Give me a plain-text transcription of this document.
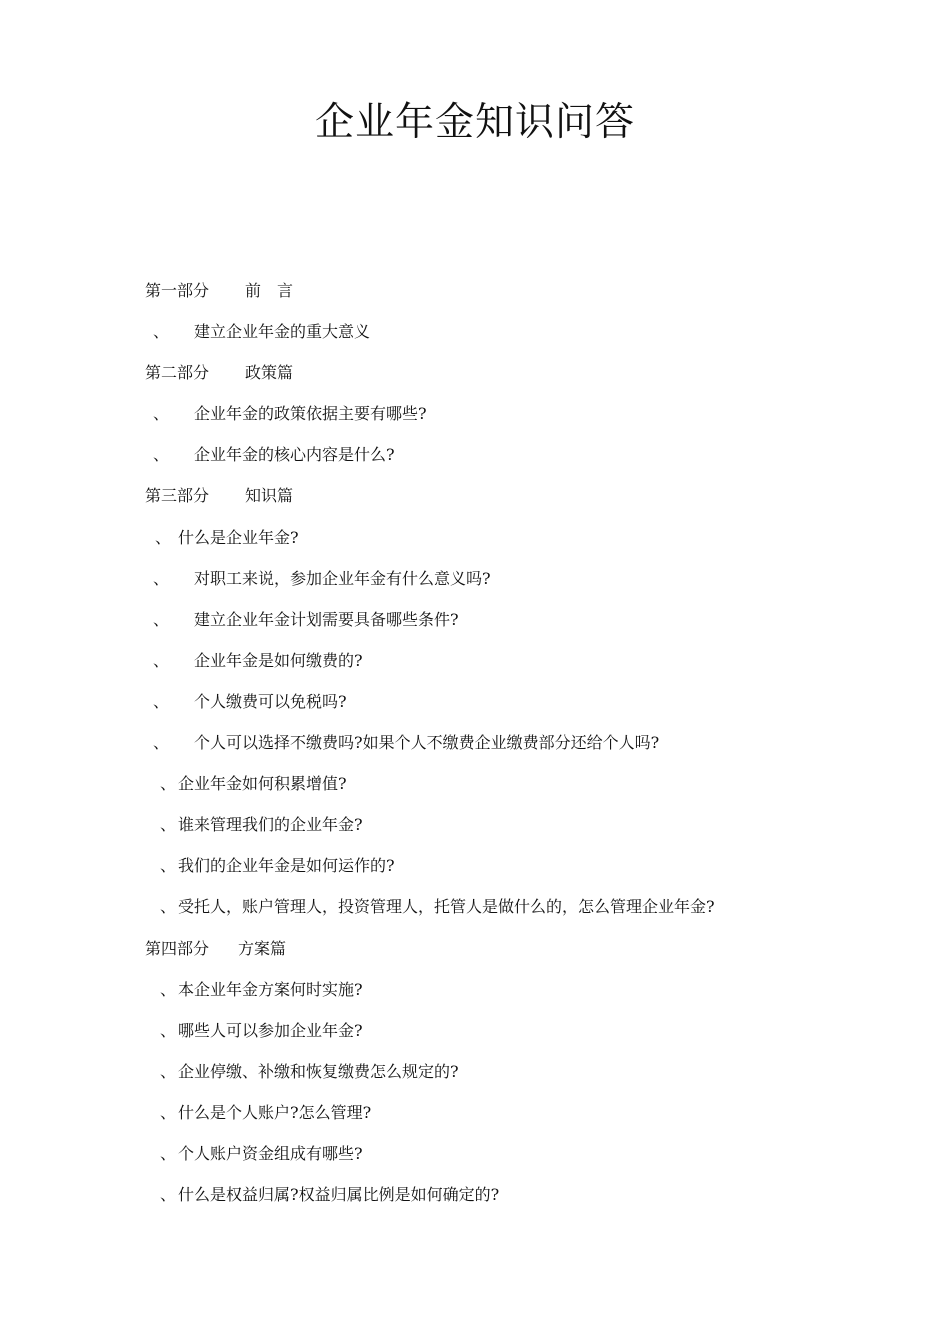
企业年金知识问答
第一部分 前　言
、 建立企业年金的重大意义
第二部分 政策篇
、 企业年金的政策依据主要有哪些?
、 企业年金的核心内容是什么?
第三部分 知识篇
、 什么是企业年金?
、 对职工来说，参加企业年金有什么意义吗?
、 建立企业年金计划需要具备哪些条件?
、 企业年金是如何缴费的?
、 个人缴费可以免税吗?
、 个人可以选择不缴费吗?如果个人不缴费企业缴费部分还给个人吗?
、 企业年金如何积累增值?
、 谁来管理我们的企业年金?
、 我们的企业年金是如何运作的?
、 受托人，账户管理人，投资管理人，托管人是做什么的，怎么管理企业年金?
第四部分 方案篇
、 本企业年金方案何时实施?
、 哪些人可以参加企业年金?
、 企业停缴、补缴和恢复缴费怎么规定的?
、 什么是个人账户?怎么管理?
、 个人账户资金组成有哪些?
、 什么是权益归属?权益归属比例是如何确定的?
